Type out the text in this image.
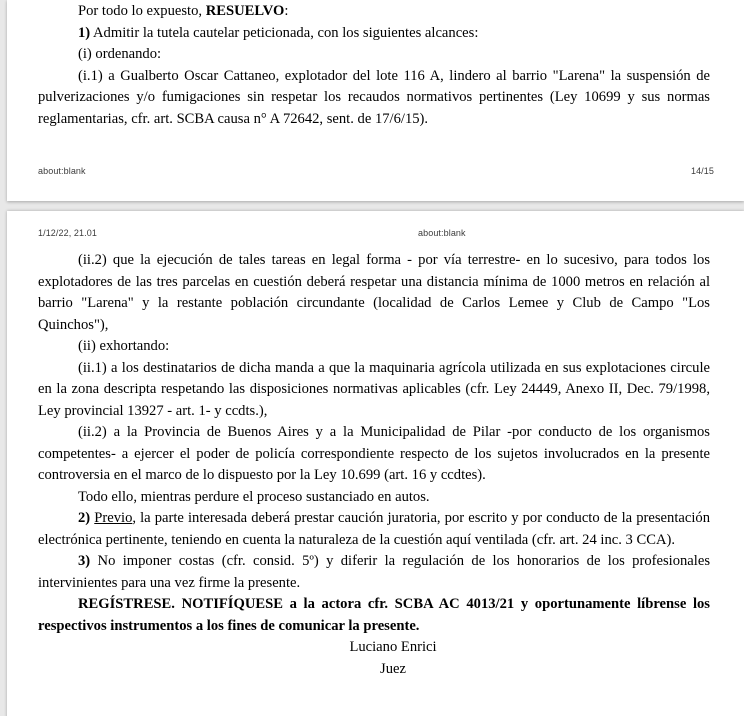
Por todo lo expuesto, RESUELVO:

1) Admitir la tutela cautelar peticionada, con los siguientes alcances:

(i) ordenando:

(i.1) a Gualberto Oscar Cattaneo, explotador del lote 116 A, lindero al barrio "Larena" la suspensión de pulverizaciones y/o fumigaciones sin respetar los recaudos normativos pertinentes (Ley 10699 y sus normas reglamentarias, cfr. art. SCBA causa n° A 72642, sent. de 17/6/15).

about:blank	14/15
1/12/22, 21.01	about:blank

(ii.2) que la ejecución de tales tareas en legal forma - por vía terrestre- en lo sucesivo, para todos los explotadores de las tres parcelas en cuestión deberá respetar una distancia mínima de 1000 metros en relación al barrio "Larena" y la restante población circundante (localidad de Carlos Lemee y Club de Campo "Los Quinchos"),

(ii) exhortando:

(ii.1) a los destinatarios de dicha manda a que la maquinaria agrícola utilizada en sus explotaciones circule en la zona descripta respetando las disposiciones normativas aplicables (cfr. Ley 24449, Anexo II, Dec. 79/1998, Ley provincial 13927 - art. 1- y ccdts.),

(ii.2) a la Provincia de Buenos Aires y a la Municipalidad de Pilar -por conducto de los organismos competentes- a ejercer el poder de policía correspondiente respecto de los sujetos involucrados en la presente controversia en el marco de lo dispuesto por la Ley 10.699 (art. 16 y ccdtes).

Todo ello, mientras perdure el proceso sustanciado en autos.

2) Previo, la parte interesada deberá prestar caución juratoria, por escrito y por conducto de la presentación electrónica pertinente, teniendo en cuenta la naturaleza de la cuestión aquí ventilada (cfr. art. 24 inc. 3 CCA).

3) No imponer costas (cfr. consid. 5º) y diferir la regulación de los honorarios de los profesionales intervinientes para una vez firme la presente.

REGÍSTRESE. NOTIFÍQUESE a la actora cfr. SCBA AC 4013/21 y oportunamente líbrense los respectivos instrumentos a los fines de comunicar la presente.

Luciano Enrici

Juez
